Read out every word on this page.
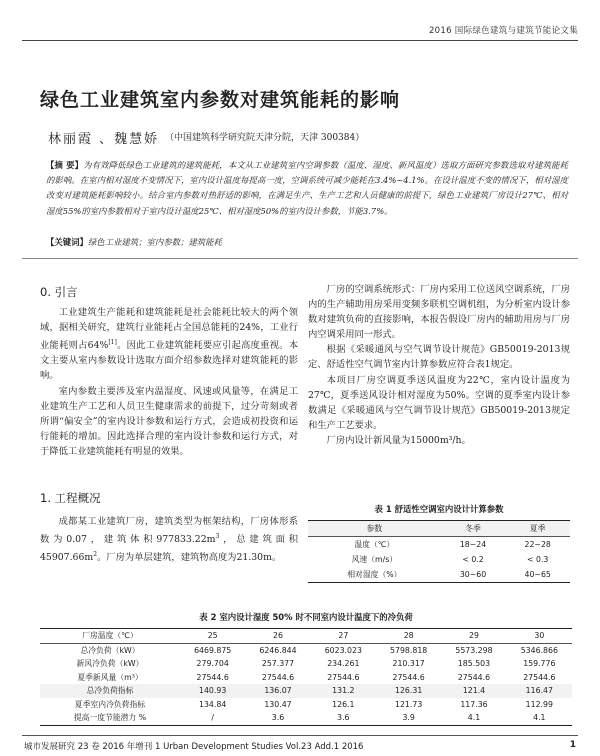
2016 国际绿色建筑与建筑节能论文集
绿色工业建筑室内参数对建筑能耗的影响
林丽霞 、魏慧娇 （中国建筑科学研究院天津分院，天津 300384）
【摘 要】为有效降低绿色工业建筑的建筑能耗，本文从工业建筑室内空调参数（温度、湿度、新风温度）选取方面研究参数选取对建筑能耗的影响。在室内相对湿度不变情况下，室内设计温度每提高一度，空调系统可减少能耗在3.4%~4.1%。在设计温度不变的情况下，相对湿度改变对建筑能耗影响较小。结合室内参数对热舒适的影响，在满足生产、生产工艺和人员健康的前提下，绿色工业建筑厂房设计27℃、相对湿度55%的室内参数相对于室内设计温度25℃、相对湿度50%的室内设计参数，节能3.7%。
【关键词】绿色工业建筑；室内参数；建筑能耗
0. 引言

工业建筑生产能耗和建筑能耗是社会能耗比较大的两个领域，据相关研究，建筑行业能耗占全国总能耗的24%，工业行业能耗则占64%[1]。因此工业建筑能耗要应引起高度重视。本文主要从室内参数设计选取方面介绍参数选择对建筑能耗的影响。

室内参数主要涉及室内温湿度、风速或风量等，在满足工业建筑生产工艺和人员卫生健康需求的前提下，过分苛刻或者所谓“偏安全”的室内设计参数和运行方式，会造成初投资和运行能耗的增加。因此选择合理的室内设计参数和运行方式，对于降低工业建筑能耗有明显的效果。

1. 工程概况

成都某工业建筑厂房，建筑类型为框架结构，厂房体形系数为0.07，建筑体积$977833.22m^3$，总建筑面积$45907.66m^2$。厂房为单层建筑，建筑物高度为21.30m。

厂房的空调系统形式：厂房内采用工位送风空调系统，厂房内的生产辅助用房采用变频多联机空调机组，为分析室内设计参数对建筑负荷的直接影响，本报告假设厂房内的辅助用房与厂房内空调采用同一形式。

根据《采暖通风与空气调节设计规范》GB50019-2013规定、舒适性空气调节室内计算参数应符合表1规定。

本项目厂房空调夏季送风温度为22℃，室内设计温度为27℃，夏季送风设计相对湿度为50%。空调的夏季室内设计参数满足《采暖通风与空气调节设计规范》GB50019-2013规定和生产工艺要求。

厂房内设计新风量为15000m³/h。

表 1 舒适性空调室内设计计算参数
参数	冬季	夏季
温度（℃）	18~24	22~28
风速（m/s）	< 0.2	< 0.3
相对湿度（%）	30~60	40~65
表 2 室内设计湿度 50% 时不同室内设计温度下的冷负荷
厂房温度（℃）	25	26	27	28	29	30
总冷负荷（kW）	6469.875	6246.844	6023.023	5798.818	5573.298	5346.866
新风冷负荷（kW）	279.704	257.377	234.261	210.317	185.503	159.776
夏季新风量（m³）	27544.6	27544.6	27544.6	27544.6	27544.6	27544.6
总冷负荷指标	140.93	136.07	131.2	126.31	121.4	116.47
夏季室内冷负荷指标	134.84	130.47	126.1	121.73	117.36	112.99
提高一度节能潜力 %	/	3.6	3.6	3.9	4.1	4.1
城市发展研究 23 卷 2016 年增刊 1 Urban Development Studies Vol.23 Add.1 2016	1
